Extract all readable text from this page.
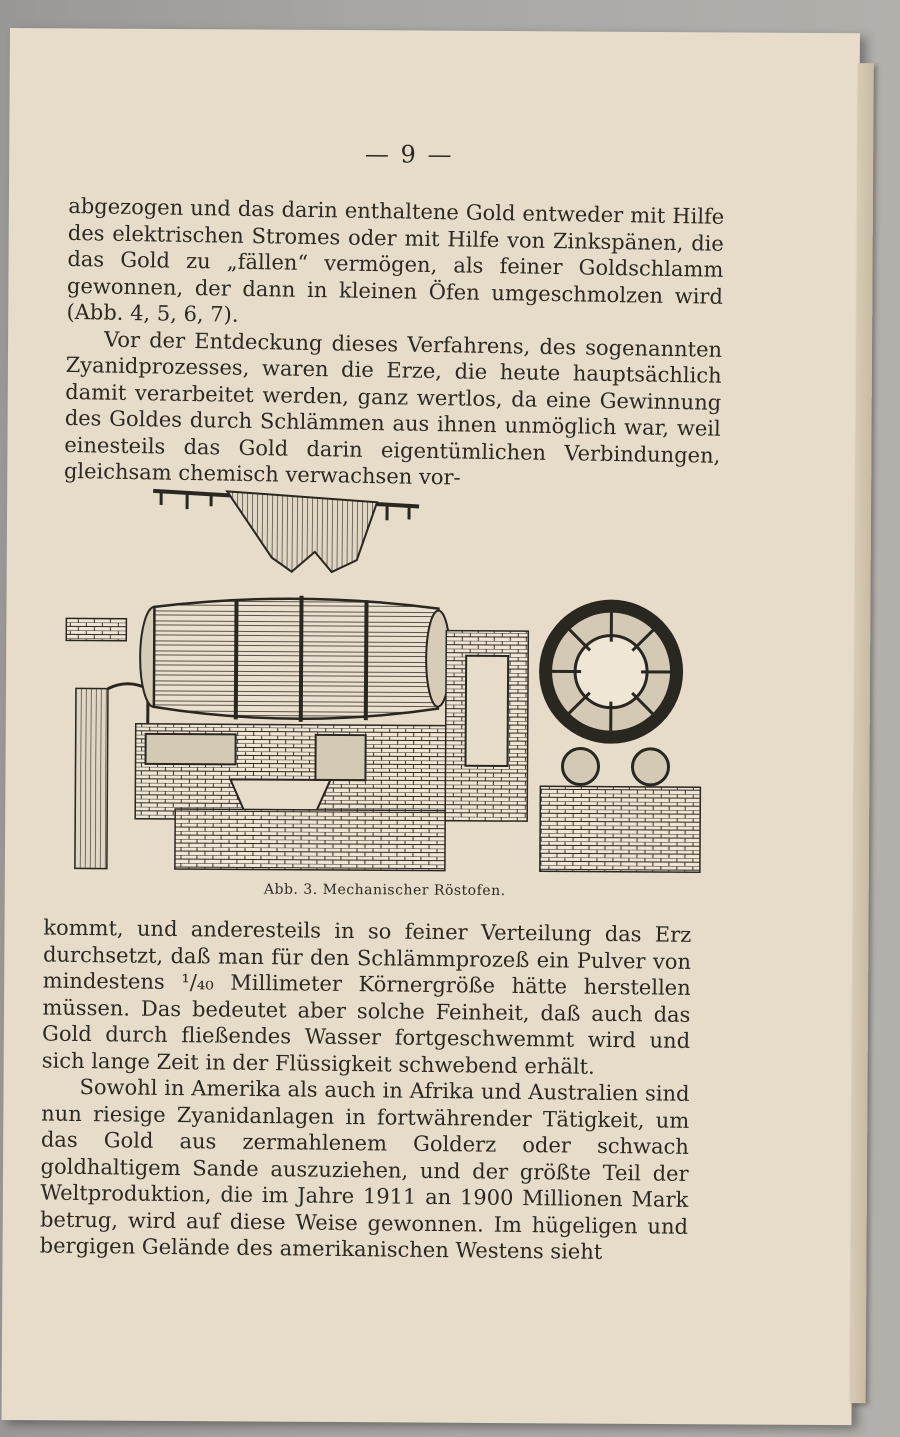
— 9 —

abgezogen und das darin enthaltene Gold entweder mit Hilfe des elektrischen Stromes oder mit Hilfe von Zinkspänen, die das Gold zu „fällen“ vermögen, als feiner Goldschlamm gewonnen, der dann in kleinen Öfen umgeschmolzen wird (Abb. 4, 5, 6, 7).

Vor der Entdeckung dieses Verfahrens, des sogenannten Zyanidprozesses, waren die Erze, die heute hauptsächlich damit verarbeitet werden, ganz wertlos, da eine Gewinnung des Goldes durch Schlämmen aus ihnen unmöglich war, weil einesteils das Gold darin eigentümlichen Verbindungen, gleichsam chemisch verwachsen vor-

Abb. 3. Mechanischer Röstofen.

kommt, und anderesteils in so feiner Verteilung das Erz durchsetzt, daß man für den Schlämmprozeß ein Pulver von mindestens ¹/₄₀ Millimeter Körnergröße hätte herstellen müssen. Das bedeutet aber solche Feinheit, daß auch das Gold durch fließendes Wasser fortgeschwemmt wird und sich lange Zeit in der Flüssigkeit schwebend erhält.

Sowohl in Amerika als auch in Afrika und Australien sind nun riesige Zyanidanlagen in fortwährender Tätigkeit, um das Gold aus zermahlenem Golderz oder schwach goldhaltigem Sande auszuziehen, und der größte Teil der Weltproduktion, die im Jahre 1911 an 1900 Millionen Mark betrug, wird auf diese Weise gewonnen. Im hügeligen und bergigen Gelände des amerikanischen Westens sieht
